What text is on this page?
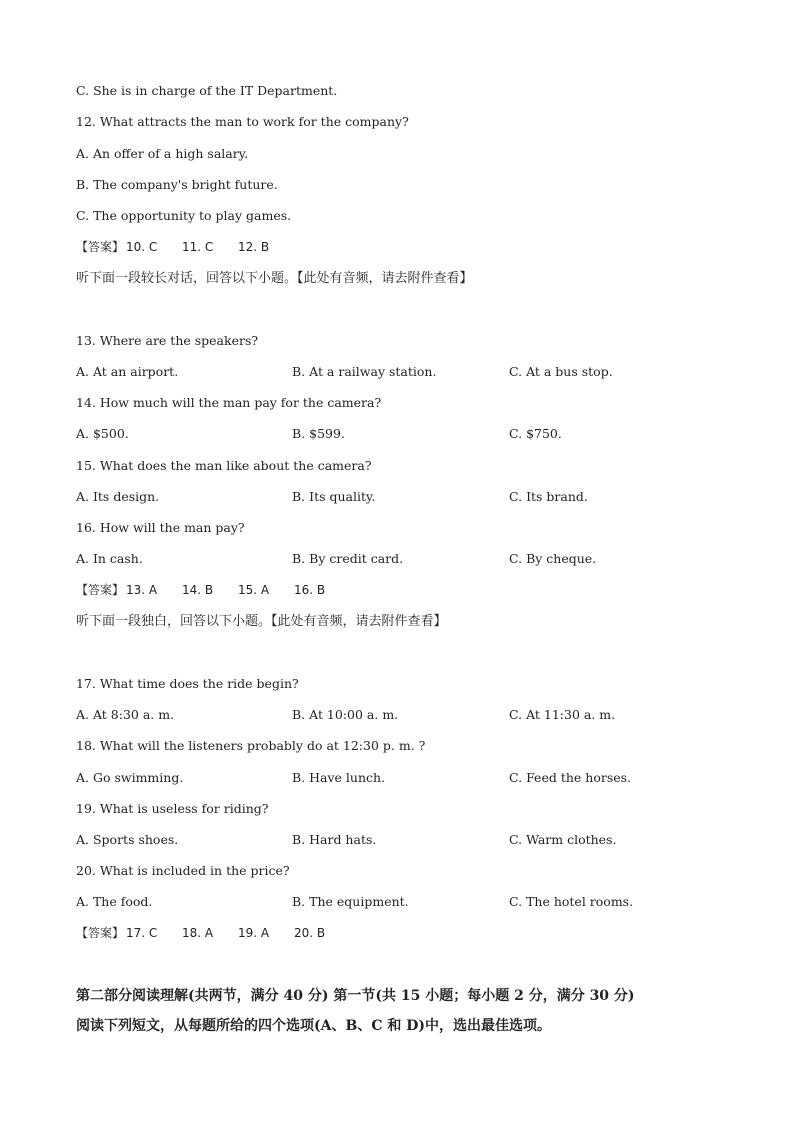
C. She is in charge of the IT Department.
12. What attracts the man to work for the company?
A. An offer of a high salary.
B. The company's bright future.
C. The opportunity to play games.
【答案】 10. C 11. C 12. B
听下面一段较长对话，回答以下小题。【此处有音频，请去附件查看】
13. Where are the speakers?
A. At an airport.	B. At a railway station.	C. At a bus stop.
14. How much will the man pay for the camera?
A. $500.	B. $599.	C. $750.
15. What does the man like about the camera?
A. Its design.	B. Its quality.	C. Its brand.
16. How will the man pay?
A. In cash.	B. By credit card.	C. By cheque.
【答案】 13. A 14. B 15. A 16. B
听下面一段独白，回答以下小题。【此处有音频，请去附件查看】
17. What time does the ride begin?
A. At 8:30 a. m.	B. At 10:00 a. m.	C. At 11:30 a. m.
18. What will the listeners probably do at 12:30 p. m. ?
A. Go swimming.	B. Have lunch.	C. Feed the horses.
19. What is useless for riding?
A. Sports shoes.	B. Hard hats.	C. Warm clothes.
20. What is included in the price?
A. The food.	B. The equipment.	C. The hotel rooms.
【答案】 17. C 18. A 19. A 20. B
第二部分阅读理解(共两节，满分 40 分) 第一节(共 15 小题；每小题 2 分，满分 30 分)
阅读下列短文，从每题所给的四个选项(A、B、C 和 D)中，选出最佳选项。
